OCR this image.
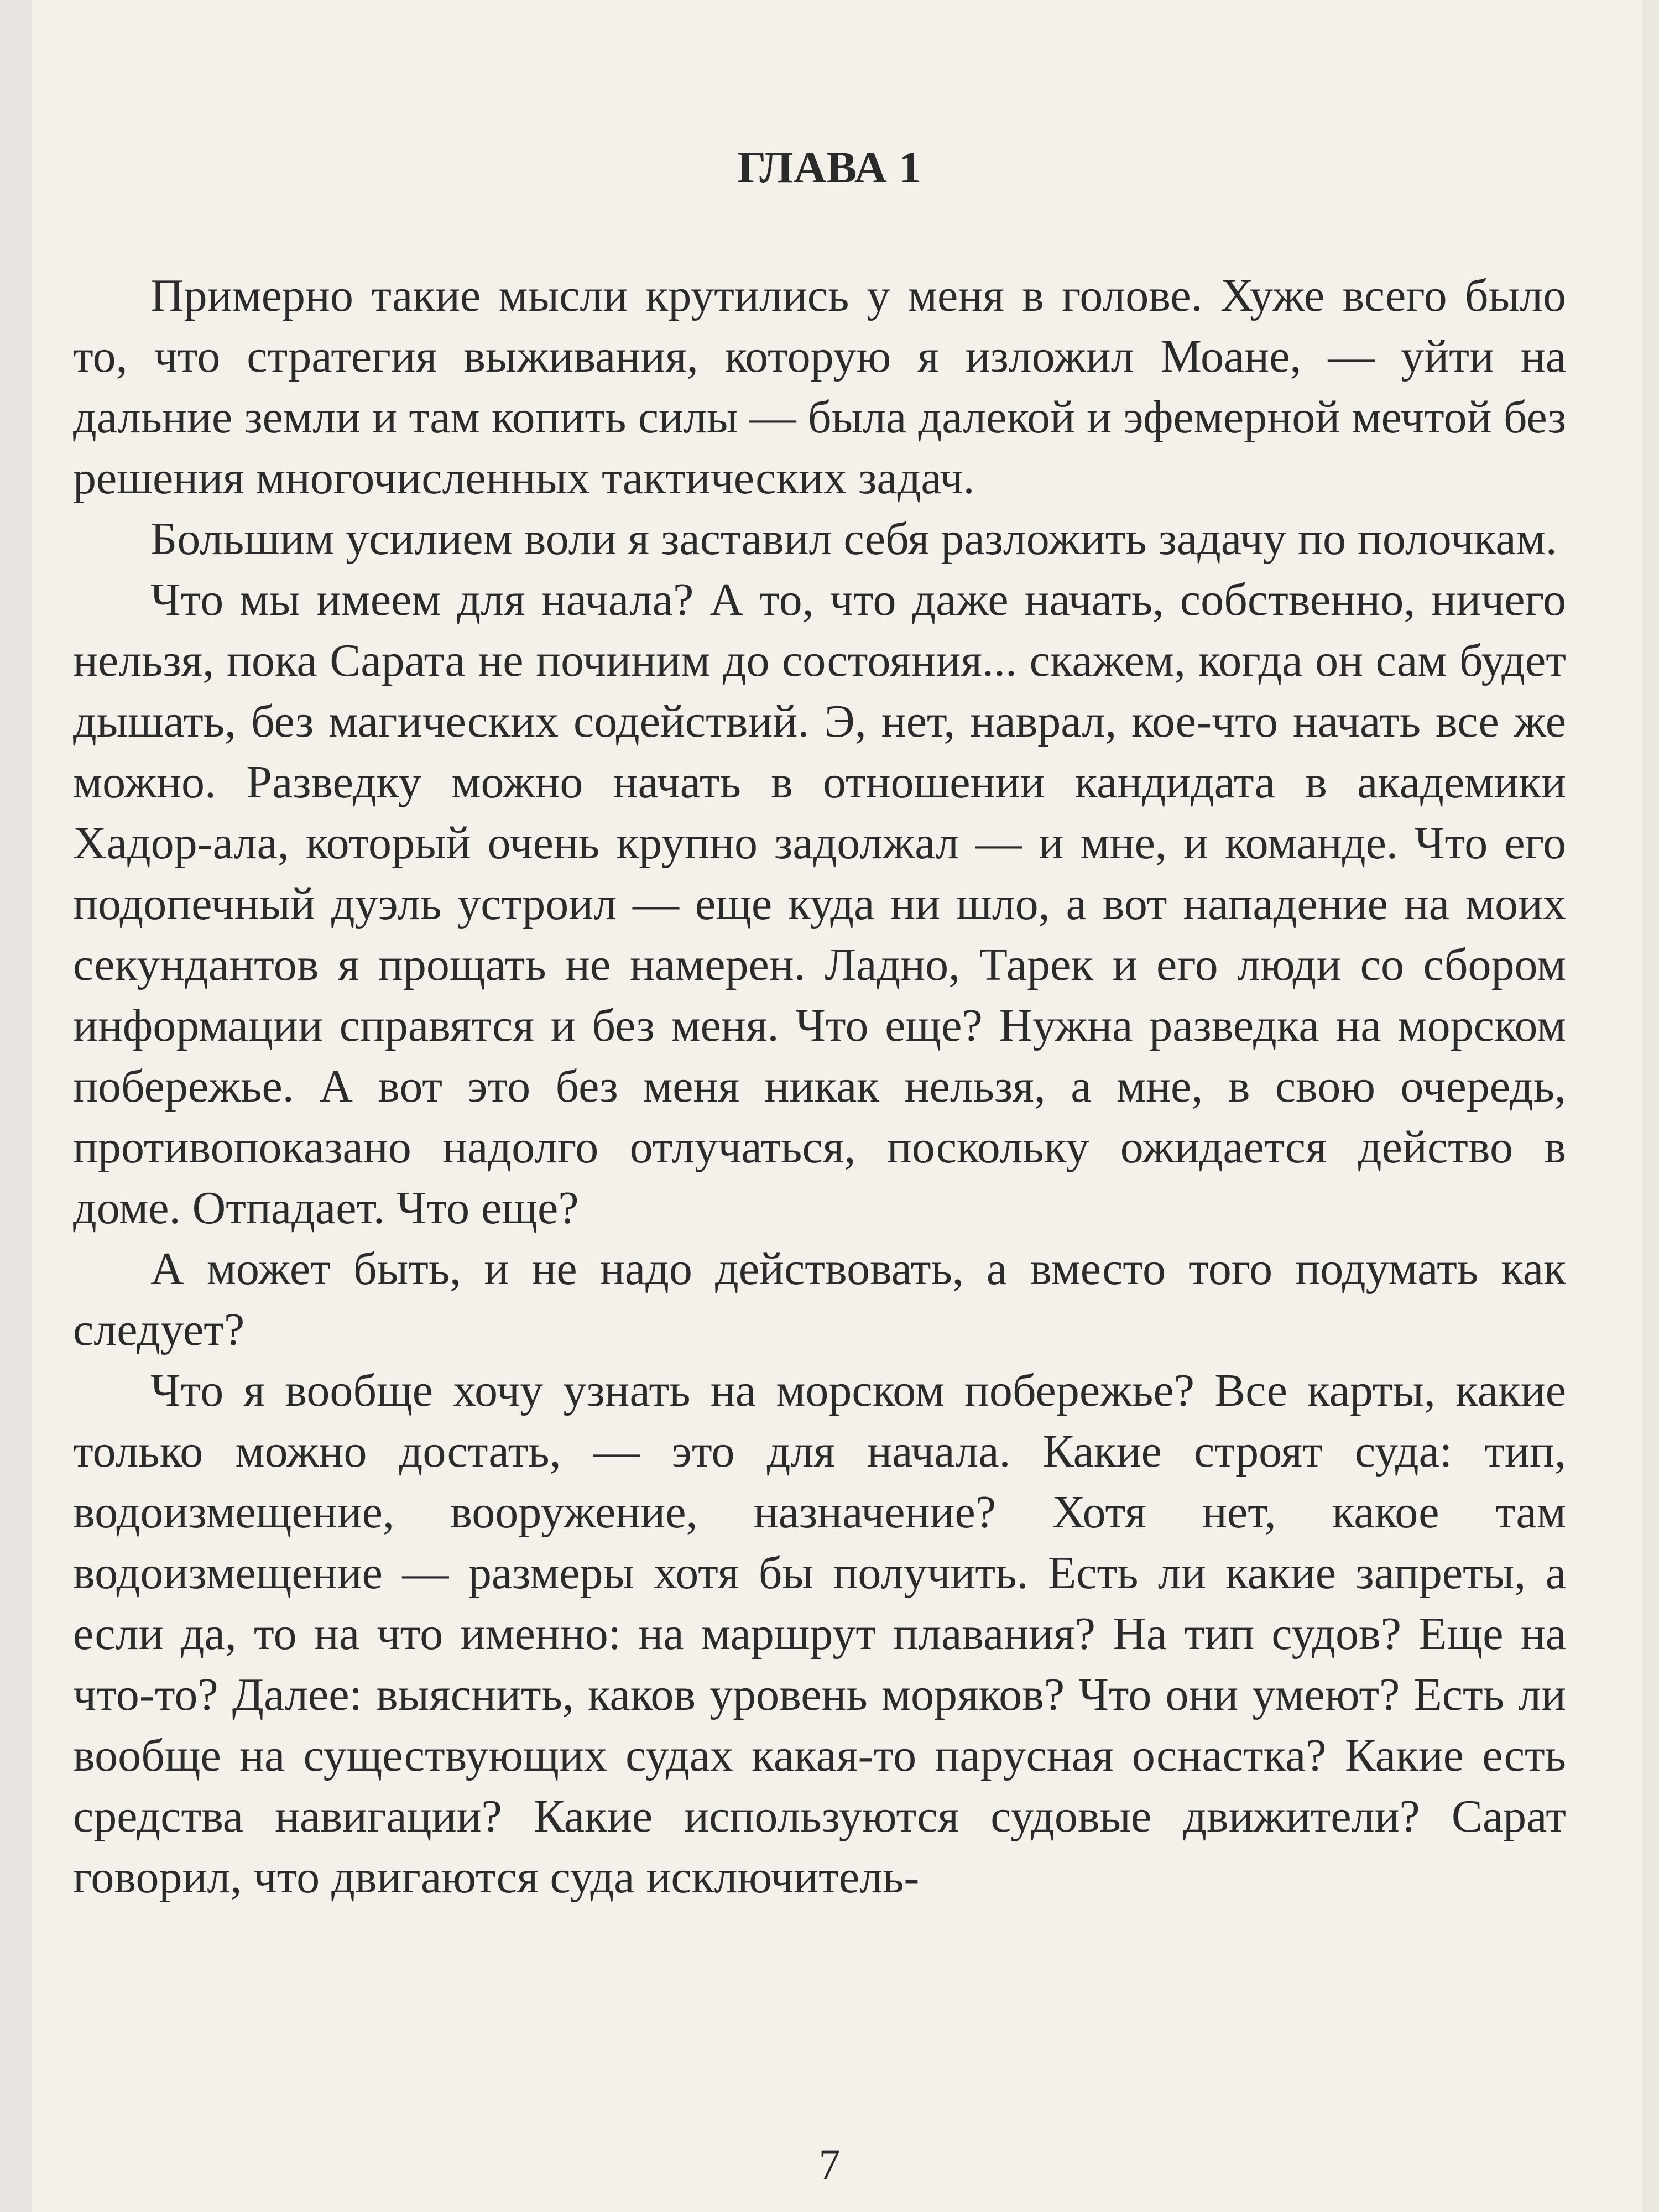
ГЛАВА 1

Примерно такие мысли крутились у меня в голове. Хуже всего было то, что стратегия выживания, которую я изложил Моане, — уйти на дальние земли и там копить силы — была далекой и эфемерной мечтой без решения многочисленных тактических задач.

Большим усилием воли я заставил себя разложить задачу по полочкам.

Что мы имеем для начала? А то, что даже начать, собственно, ничего нельзя, пока Сарата не починим до состояния... скажем, когда он сам будет дышать, без магических содействий. Э, нет, наврал, кое-что начать все же можно. Разведку можно начать в отношении кандидата в академики Хадор-ала, который очень крупно задолжал — и мне, и команде. Что его подопечный дуэль устроил — еще куда ни шло, а вот нападение на моих секундантов я прощать не намерен. Ладно, Тарек и его люди со сбором информации справятся и без меня. Что еще? Нужна разведка на морском побережье. А вот это без меня никак нельзя, а мне, в свою очередь, противопоказано надолго отлучаться, поскольку ожидается действо в доме. Отпадает. Что еще?

А может быть, и не надо действовать, а вместо того подумать как следует?

Что я вообще хочу узнать на морском побережье? Все карты, какие только можно достать, — это для начала. Какие строят суда: тип, водоизмещение, вооружение, назначение? Хотя нет, какое там водоизмещение — размеры хотя бы получить. Есть ли какие запреты, а если да, то на что именно: на маршрут плавания? На тип судов? Еще на что-то? Далее: выяснить, каков уровень моряков? Что они умеют? Есть ли вообще на существующих судах какая-то парусная оснастка? Какие есть средства навигации? Какие используются судовые движители? Сарат говорил, что двигаются суда исключитель-

7
